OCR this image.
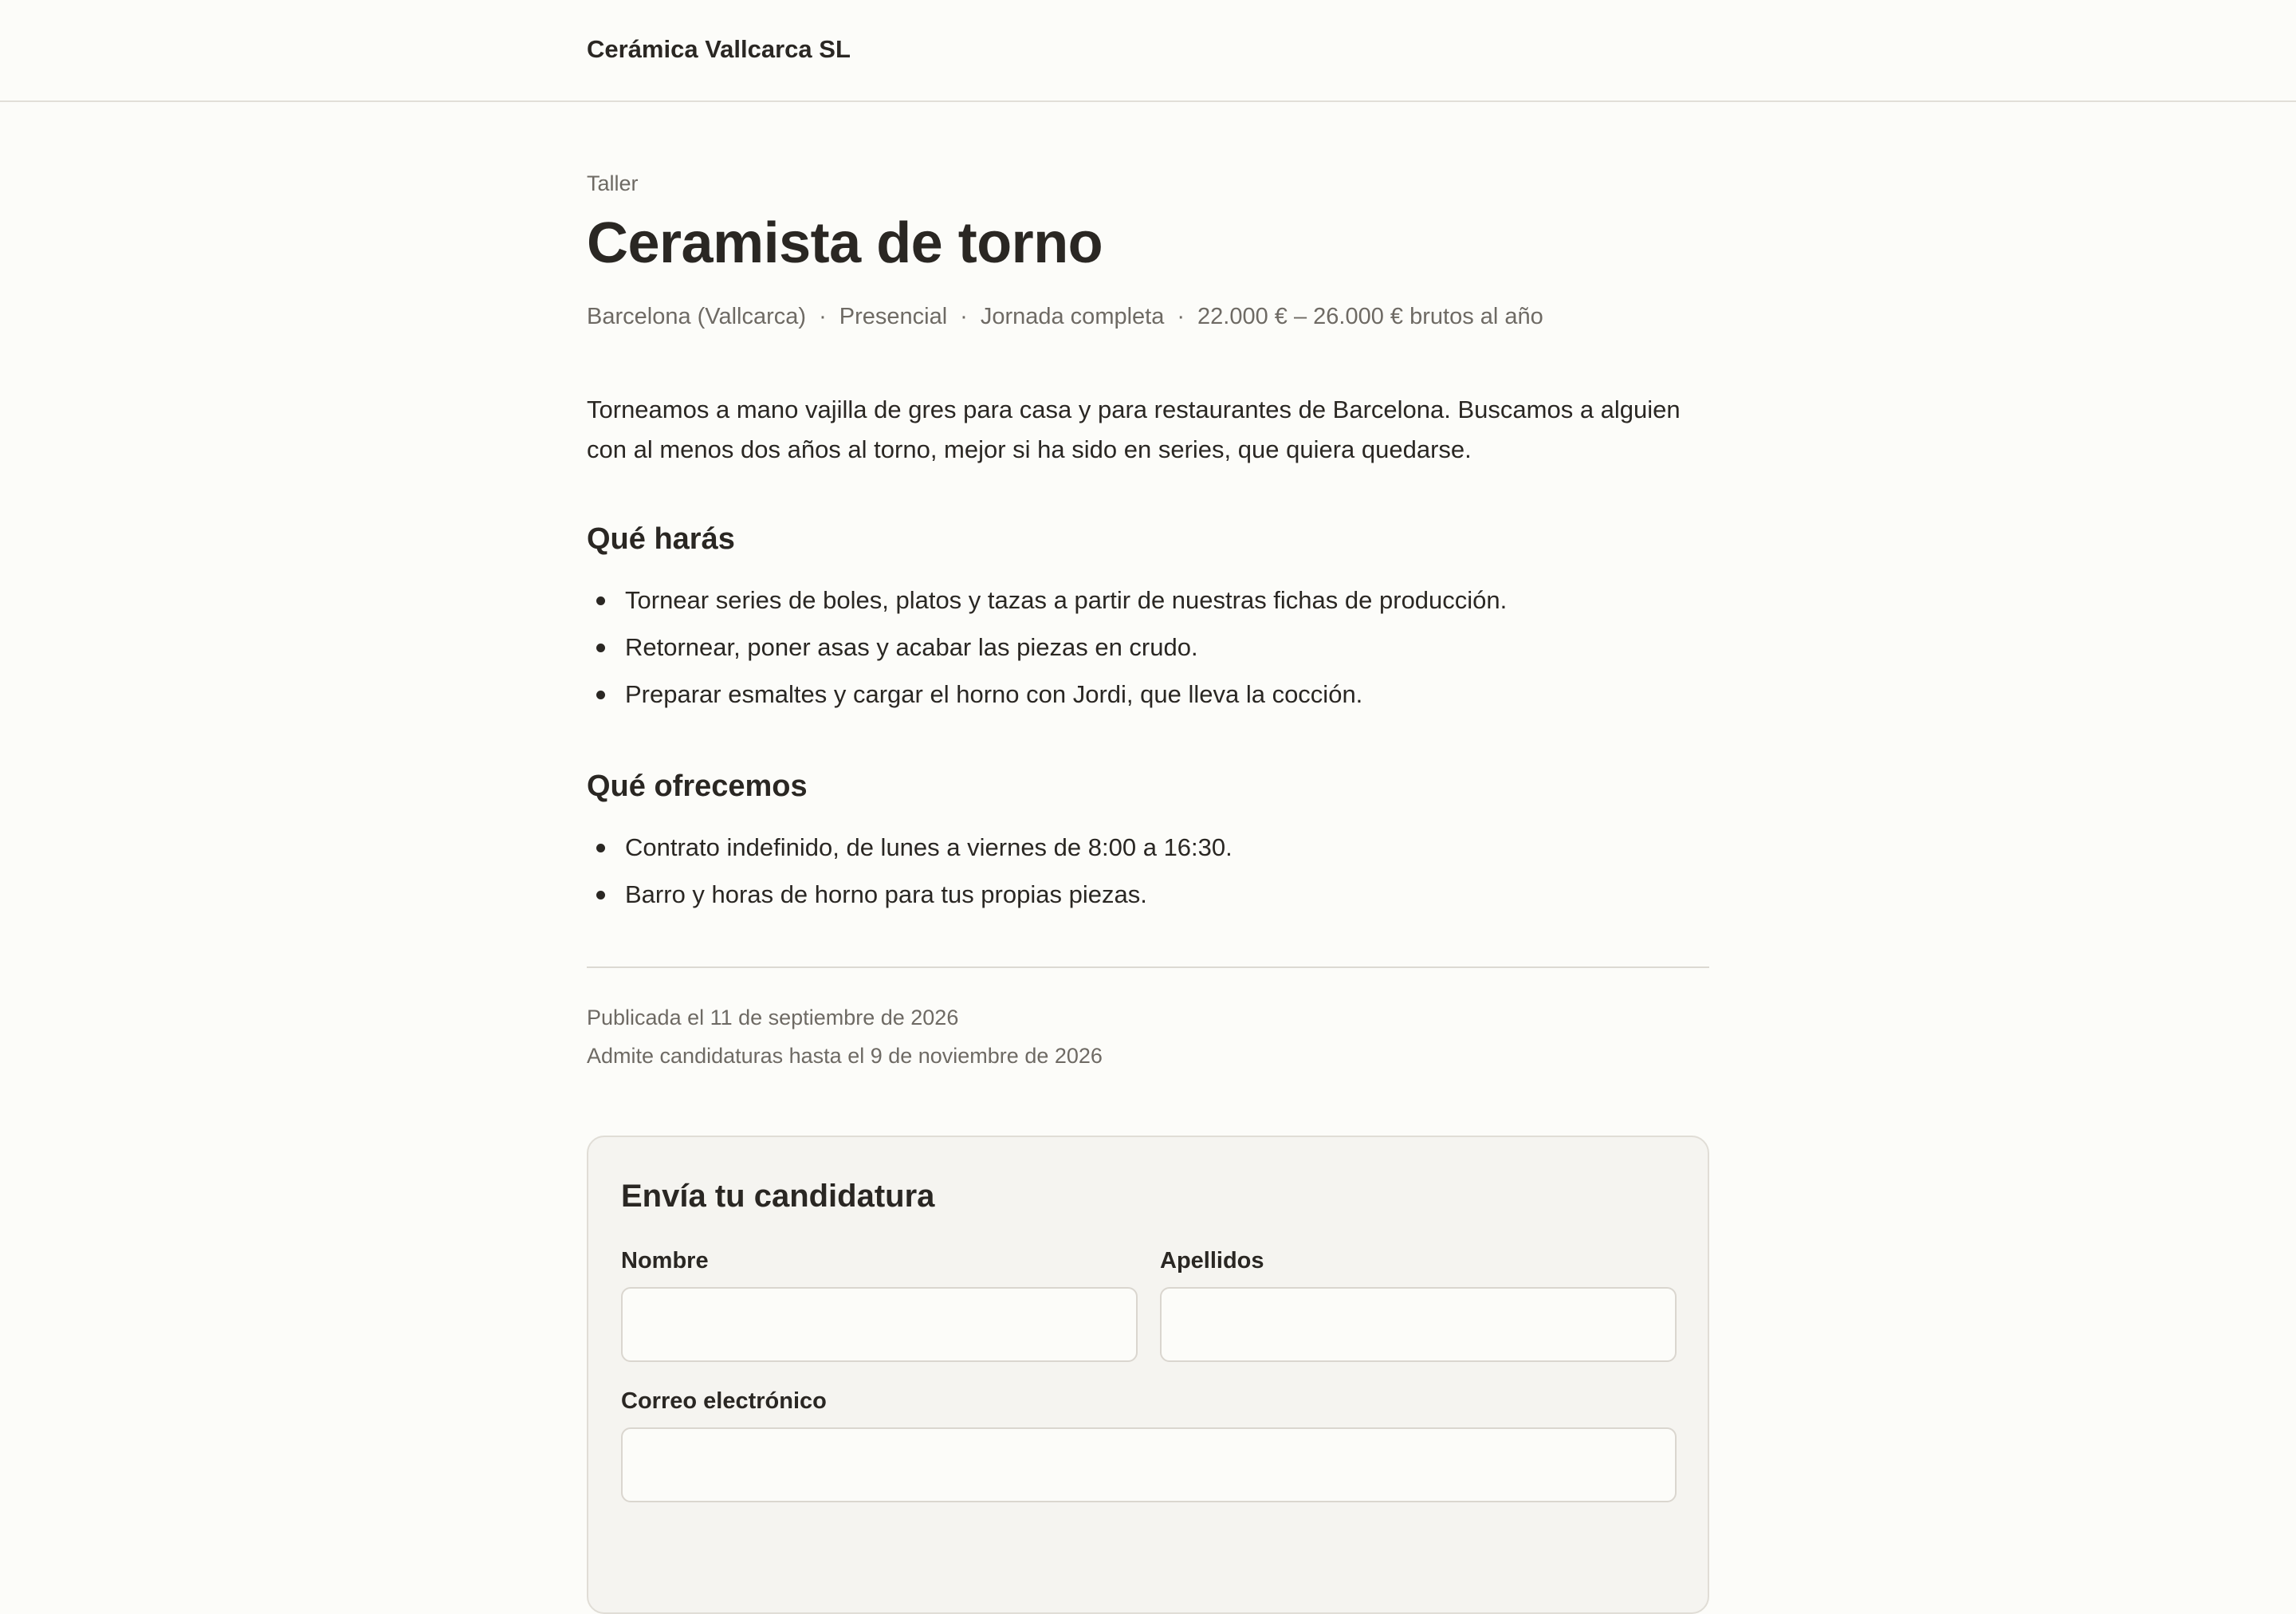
Cerámica Vallcarca SL
Taller
Ceramista de torno
Barcelona (Vallcarca) · Presencial · Jornada completa · 22.000 € – 26.000 € brutos al año

Torneamos a mano vajilla de gres para casa y para restaurantes de Barcelona. Buscamos a alguien con al menos dos años al torno, mejor si ha sido en series, que quiera quedarse.

Qué harás
Tornear series de boles, platos y tazas a partir de nuestras fichas de producción.
Retornear, poner asas y acabar las piezas en crudo.
Preparar esmaltes y cargar el horno con Jordi, que lleva la cocción.
Qué ofrecemos
Contrato indefinido, de lunes a viernes de 8:00 a 16:30.
Barro y horas de horno para tus propias piezas.
Publicada el 11 de septiembre de 2026
Admite candidaturas hasta el 9 de noviembre de 2026
Envía tu candidatura
Nombre	Apellidos
Correo electrónico
